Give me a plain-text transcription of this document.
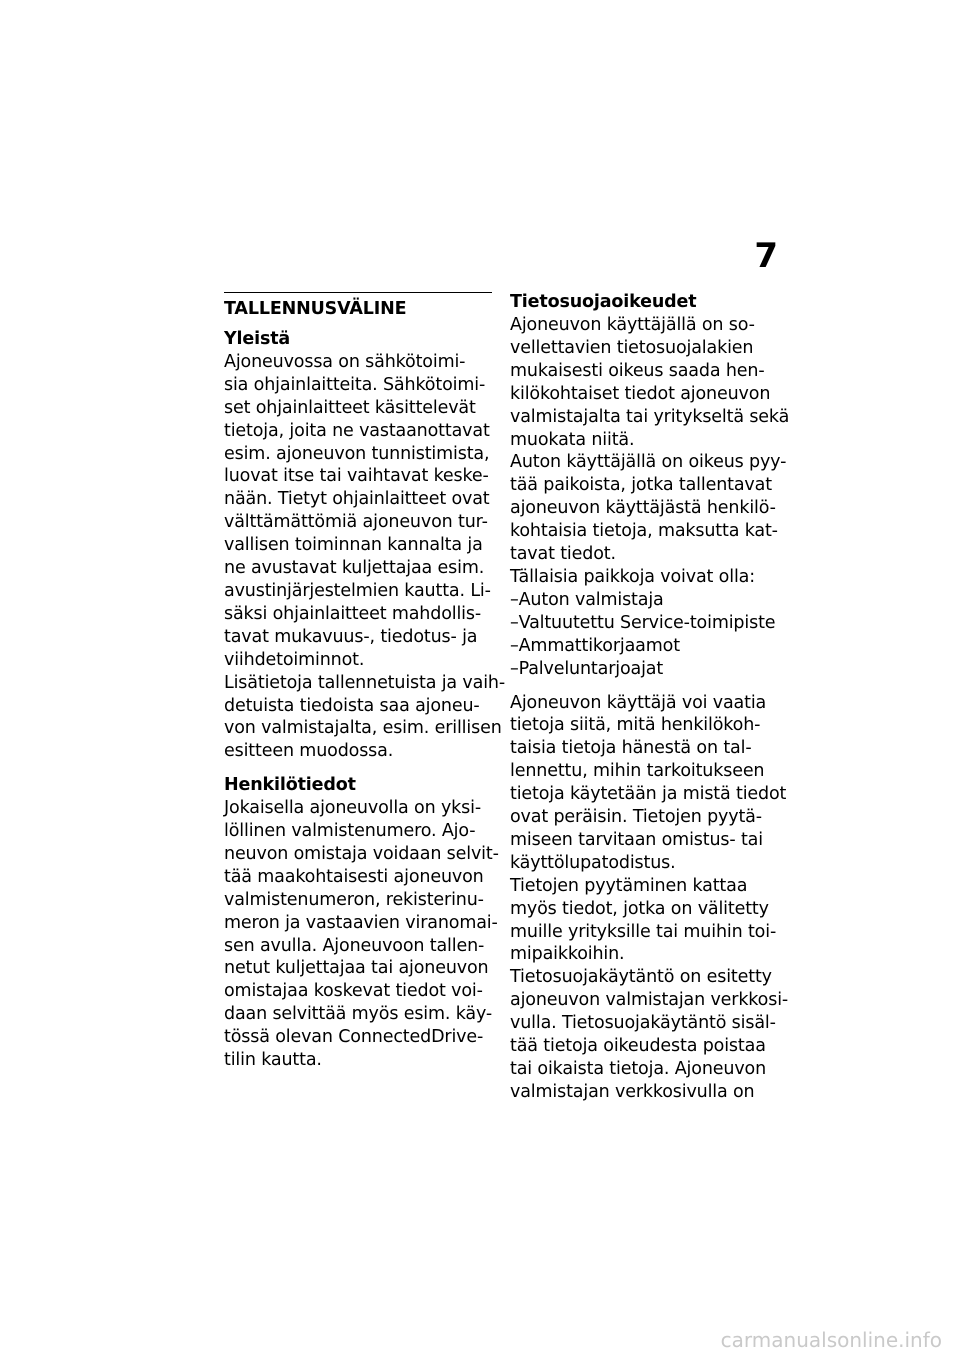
7
TALLENNUSVÄLINE
Yleistä
Ajoneuvossa on sähkötoimi-
sia ohjainlaitteita. Sähkötoimi-
set ohjainlaitteet käsittelevät
tietoja, joita ne vastaanottavat
esim. ajoneuvon tunnistimista,
luovat itse tai vaihtavat keske-
nään. Tietyt ohjainlaitteet ovat
välttämättömiä ajoneuvon tur-
vallisen toiminnan kannalta ja
ne avustavat kuljettajaa esim.
avustinjärjestelmien kautta. Li-
säksi ohjainlaitteet mahdollis-
tavat mukavuus-, tiedotus- ja
viihdetoiminnot.
Lisätietoja tallennetuista ja vaih-
detuista tiedoista saa ajoneu-
von valmistajalta, esim. erillisen
esitteen muodossa.
Henkilötiedot
Jokaisella ajoneuvolla on yksi-
löllinen valmistenumero. Ajo-
neuvon omistaja voidaan selvit-
tää maakohtaisesti ajoneuvon
valmistenumeron, rekisterinu-
meron ja vastaavien viranomai-
sen avulla. Ajoneuvoon tallen-
netut kuljettajaa tai ajoneuvon
omistajaa koskevat tiedot voi-
daan selvittää myös esim. käy-
tössä olevan ConnectedDrive-
tilin kautta.
Tietosuojaoikeudet
Ajoneuvon käyttäjällä on so-
vellettavien tietosuojalakien
mukaisesti oikeus saada hen-
kilökohtaiset tiedot ajoneuvon
valmistajalta tai yritykseltä sekä
muokata niitä.
Auton käyttäjällä on oikeus pyy-
tää paikoista, jotka tallentavat
ajoneuvon käyttäjästä henkilö-
kohtaisia tietoja, maksutta kat-
tavat tiedot.
Tällaisia paikkoja voivat olla:
–Auton valmistaja
–Valtuutettu Service-toimipiste
–Ammattikorjaamot
–Palveluntarjoajat
Ajoneuvon käyttäjä voi vaatia
tietoja siitä, mitä henkilökoh-
taisia tietoja hänestä on tal-
lennettu, mihin tarkoitukseen
tietoja käytetään ja mistä tiedot
ovat peräisin. Tietojen pyytä-
miseen tarvitaan omistus- tai
käyttölupatodistus.
Tietojen pyytäminen kattaa
myös tiedot, jotka on välitetty
muille yrityksille tai muihin toi-
mipaikkoihin.
Tietosuojakäytäntö on esitetty
ajoneuvon valmistajan verkkosi-
vulla. Tietosuojakäytäntö sisäl-
tää tietoja oikeudesta poistaa
tai oikaista tietoja. Ajoneuvon
valmistajan verkkosivulla on
carmanualsonline.info
